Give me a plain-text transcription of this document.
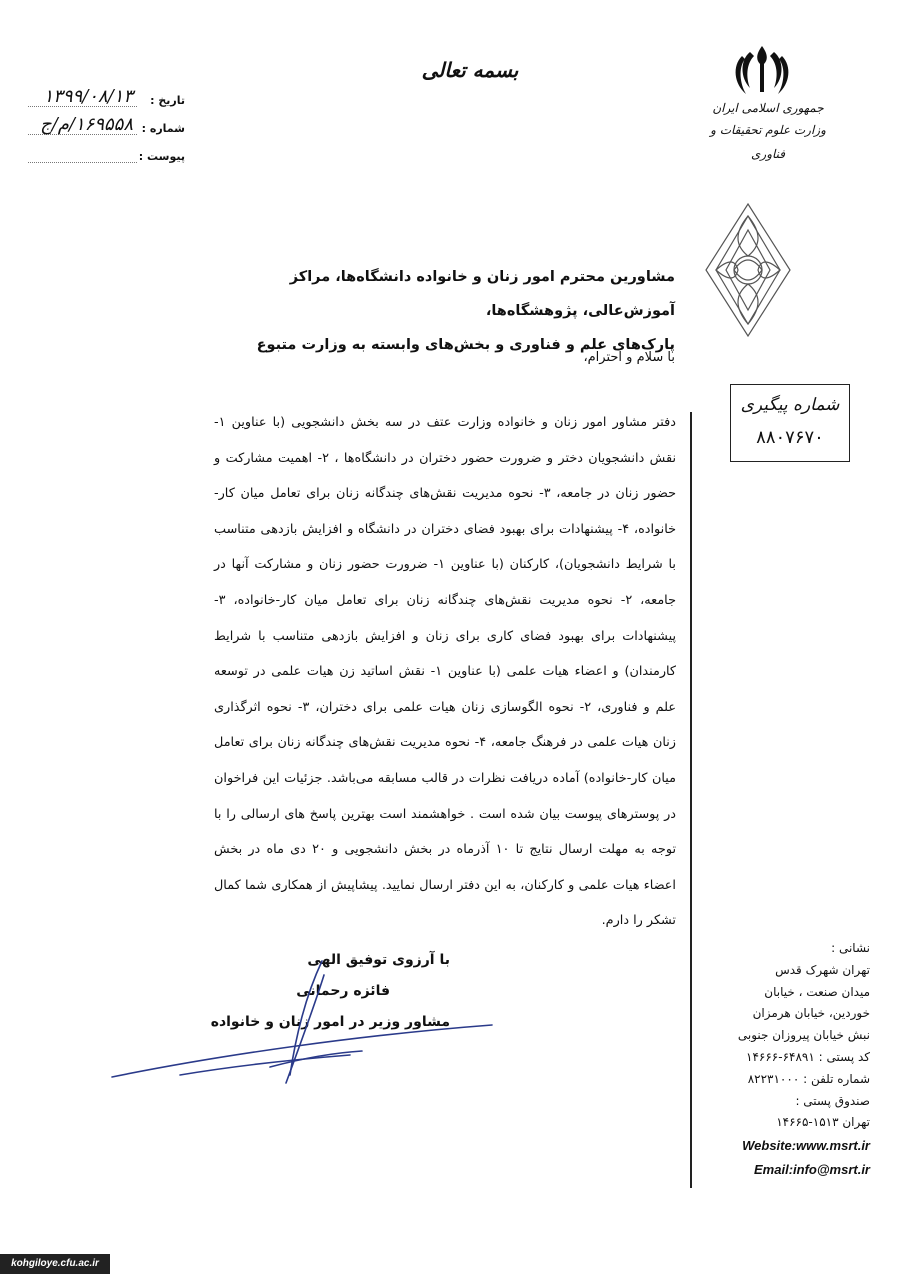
جمهوری اسلامی ایران
وزارت علوم تحقیقات و فناوری
بسمه تعالی
تاریخ :
۱۳۹۹/۰۸/۱۳
شماره :
۱۶۹۵۵۸/م/ج
پیوست :
مشاورین محترم امور زنان و خانواده دانشگاه‌ها، مراکز آموزش‌عالی، پژوهشگاه‌ها،
پارک‌های علم و فناوری و بخش‌های وابسته به وزارت متبوع
با سلام و احترام،
شماره پیگیری
۸۸۰۷۶۷۰
دفتر مشاور امور زنان و خانواده وزارت عتف در سه بخش دانشجویی (با عناوین ۱- نقش دانشجویان دختر و ضرورت حضور دختران در دانشگاه‌ها ، ۲- اهمیت مشارکت و حضور زنان در جامعه، ۳- نحوه مدیریت نقش‌های چندگانه زنان برای تعامل میان کار-خانواده، ۴- پیشنهادات برای بهبود فضای دختران در دانشگاه و افزایش بازدهی متناسب با شرایط دانشجویان)، کارکنان (با عناوین ۱- ضرورت حضور زنان و مشارکت آنها در جامعه، ۲- نحوه مدیریت نقش‌های چندگانه زنان برای تعامل میان کار-خانواده، ۳-پیشنهادات برای بهبود فضای کاری برای زنان و افزایش بازدهی متناسب با شرایط کارمندان) و اعضاء هیات علمی (با عناوین ۱- نقش اساتید زن هیات علمی در توسعه علم و فناوری، ۲- نحوه الگوسازی زنان هیات علمی برای دختران، ۳- نحوه اثرگذاری زنان هیات علمی در فرهنگ جامعه، ۴- نحوه مدیریت نقش‌های چندگانه زنان برای تعامل میان کار-خانواده) آماده دریافت نظرات در قالب مسابقه می‌باشد. جزئیات این فراخوان در پوسترهای پیوست بیان شده است . خواهشمند است بهترین پاسخ های ارسالی را با توجه به مهلت ارسال نتایج تا ۱۰ آذرماه در بخش دانشجویی و ۲۰ دی ماه در بخش اعضاء هیات علمی و کارکنان، به این دفتر ارسال نمایید. پیشاپیش از همکاری شما کمال تشکر را دارم.
با آرزوی توفیق الهی
فائزه رحمانی
مشاور وزیر در امور زنان و خانواده
نشانی :
تهران شهرک قدس
میدان صنعت ، خیابان
خوردین، خیابان هرمزان
نبش خیابان پیروزان جنوبی
کد پستی : ۶۴۸۹۱-۱۴۶۶۶
شماره تلفن : ۸۲۲۳۱۰۰۰
صندوق پستی :
تهران ۱۵۱۳-۱۴۶۶۵
Website:www.msrt.ir
Email:info@msrt.ir
kohgiloye.cfu.ac.ir
